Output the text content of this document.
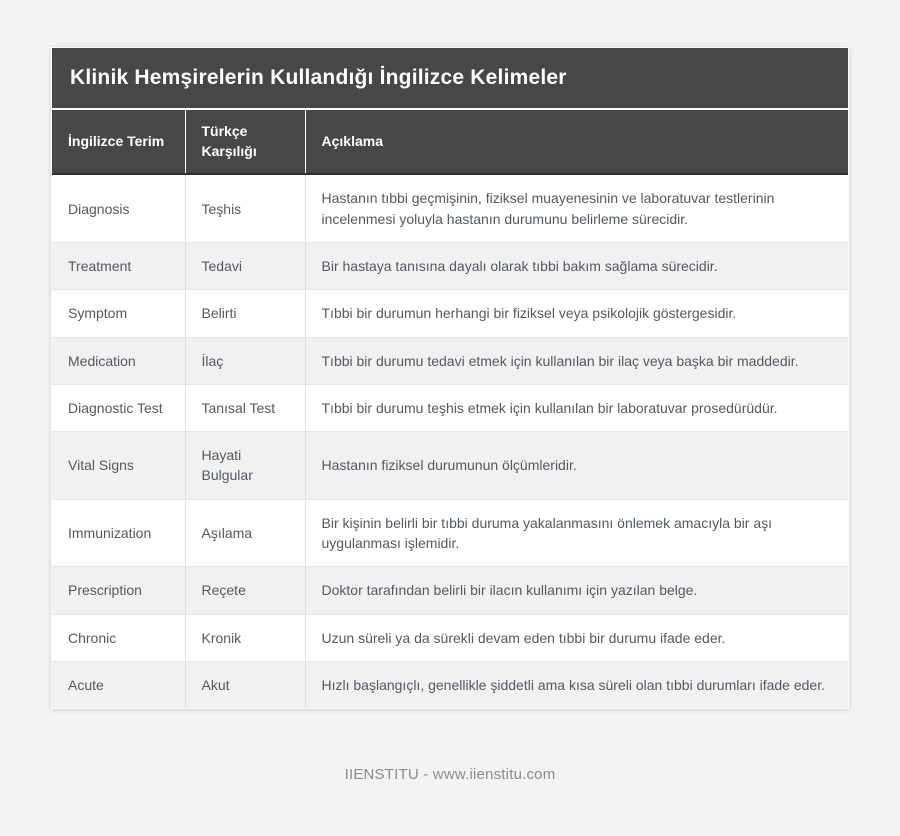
Klinik Hemşirelerin Kullandığı İngilizce Kelimeler
İngilizce Terim	Türkçe Karşılığı	Açıklama
Diagnosis	Teşhis	Hastanın tıbbi geçmişinin, fiziksel muayenesinin ve laboratuvar testlerinin incelenmesi yoluyla hastanın durumunu belirleme sürecidir.
Treatment	Tedavi	Bir hastaya tanısına dayalı olarak tıbbi bakım sağlama sürecidir.
Symptom	Belirti	Tıbbi bir durumun herhangi bir fiziksel veya psikolojik göstergesidir.
Medication	İlaç	Tıbbi bir durumu tedavi etmek için kullanılan bir ilaç veya başka bir maddedir.
Diagnostic Test	Tanısal Test	Tıbbi bir durumu teşhis etmek için kullanılan bir laboratuvar prosedürüdür.
Vital Signs	Hayati Bulgular	Hastanın fiziksel durumunun ölçümleridir.
Immunization	Aşılama	Bir kişinin belirli bir tıbbi duruma yakalanmasını önlemek amacıyla bir aşı uygulanması işlemidir.
Prescription	Reçete	Doktor tarafından belirli bir ilacın kullanımı için yazılan belge.
Chronic	Kronik	Uzun süreli ya da sürekli devam eden tıbbi bir durumu ifade eder.
Acute	Akut	Hızlı başlangıçlı, genellikle şiddetli ama kısa süreli olan tıbbi durumları ifade eder.
IIENSTITU - www.iienstitu.com
